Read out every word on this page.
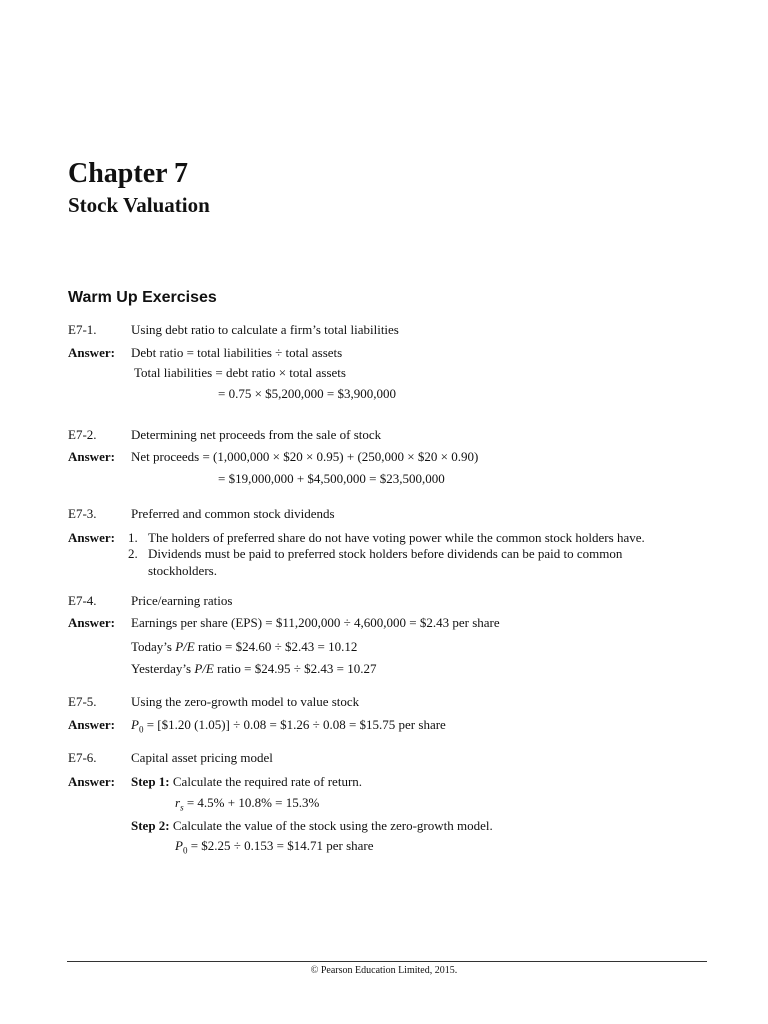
Chapter 7
Stock Valuation
Warm Up Exercises
E7-1.	Using debt ratio to calculate a firm’s total liabilities
Answer: Debt ratio = total liabilities ÷ total assets
Total liabilities = debt ratio × total assets
= 0.75 × $5,200,000 = $3,900,000
E7-2.	Determining net proceeds from the sale of stock
Answer: Net proceeds = (1,000,000 × $20 × 0.95) + (250,000 × $20 × 0.90)
= $19,000,000 + $4,500,000 = $23,500,000
E7-3.	Preferred and common stock dividends
Answer: 1. The holders of preferred share do not have voting power while the common stock holders have.
2. Dividends must be paid to preferred stock holders before dividends can be paid to common
stockholders.
E7-4.	Price/earning ratios
Answer: Earnings per share (EPS) = $11,200,000 ÷ 4,600,000 = $2.43 per share
Today’s P/E ratio = $24.60 ÷ $2.43 = 10.12
Yesterday’s P/E ratio = $24.95 ÷ $2.43 = 10.27
E7-5.	Using the zero-growth model to value stock
Answer: $P_0$ = [$1.20 (1.05)] ÷ 0.08 = $1.26 ÷ 0.08 = $15.75 per share
E7-6.	Capital asset pricing model
Answer: Step 1: Calculate the required rate of return.
$r_s = 4.5\% + 10.8\% = 15.3\%$
Step 2: Calculate the value of the stock using the zero-growth model.
$P_0$ = $2.25 ÷ 0.153 = $14.71 per share
© Pearson Education Limited, 2015.
